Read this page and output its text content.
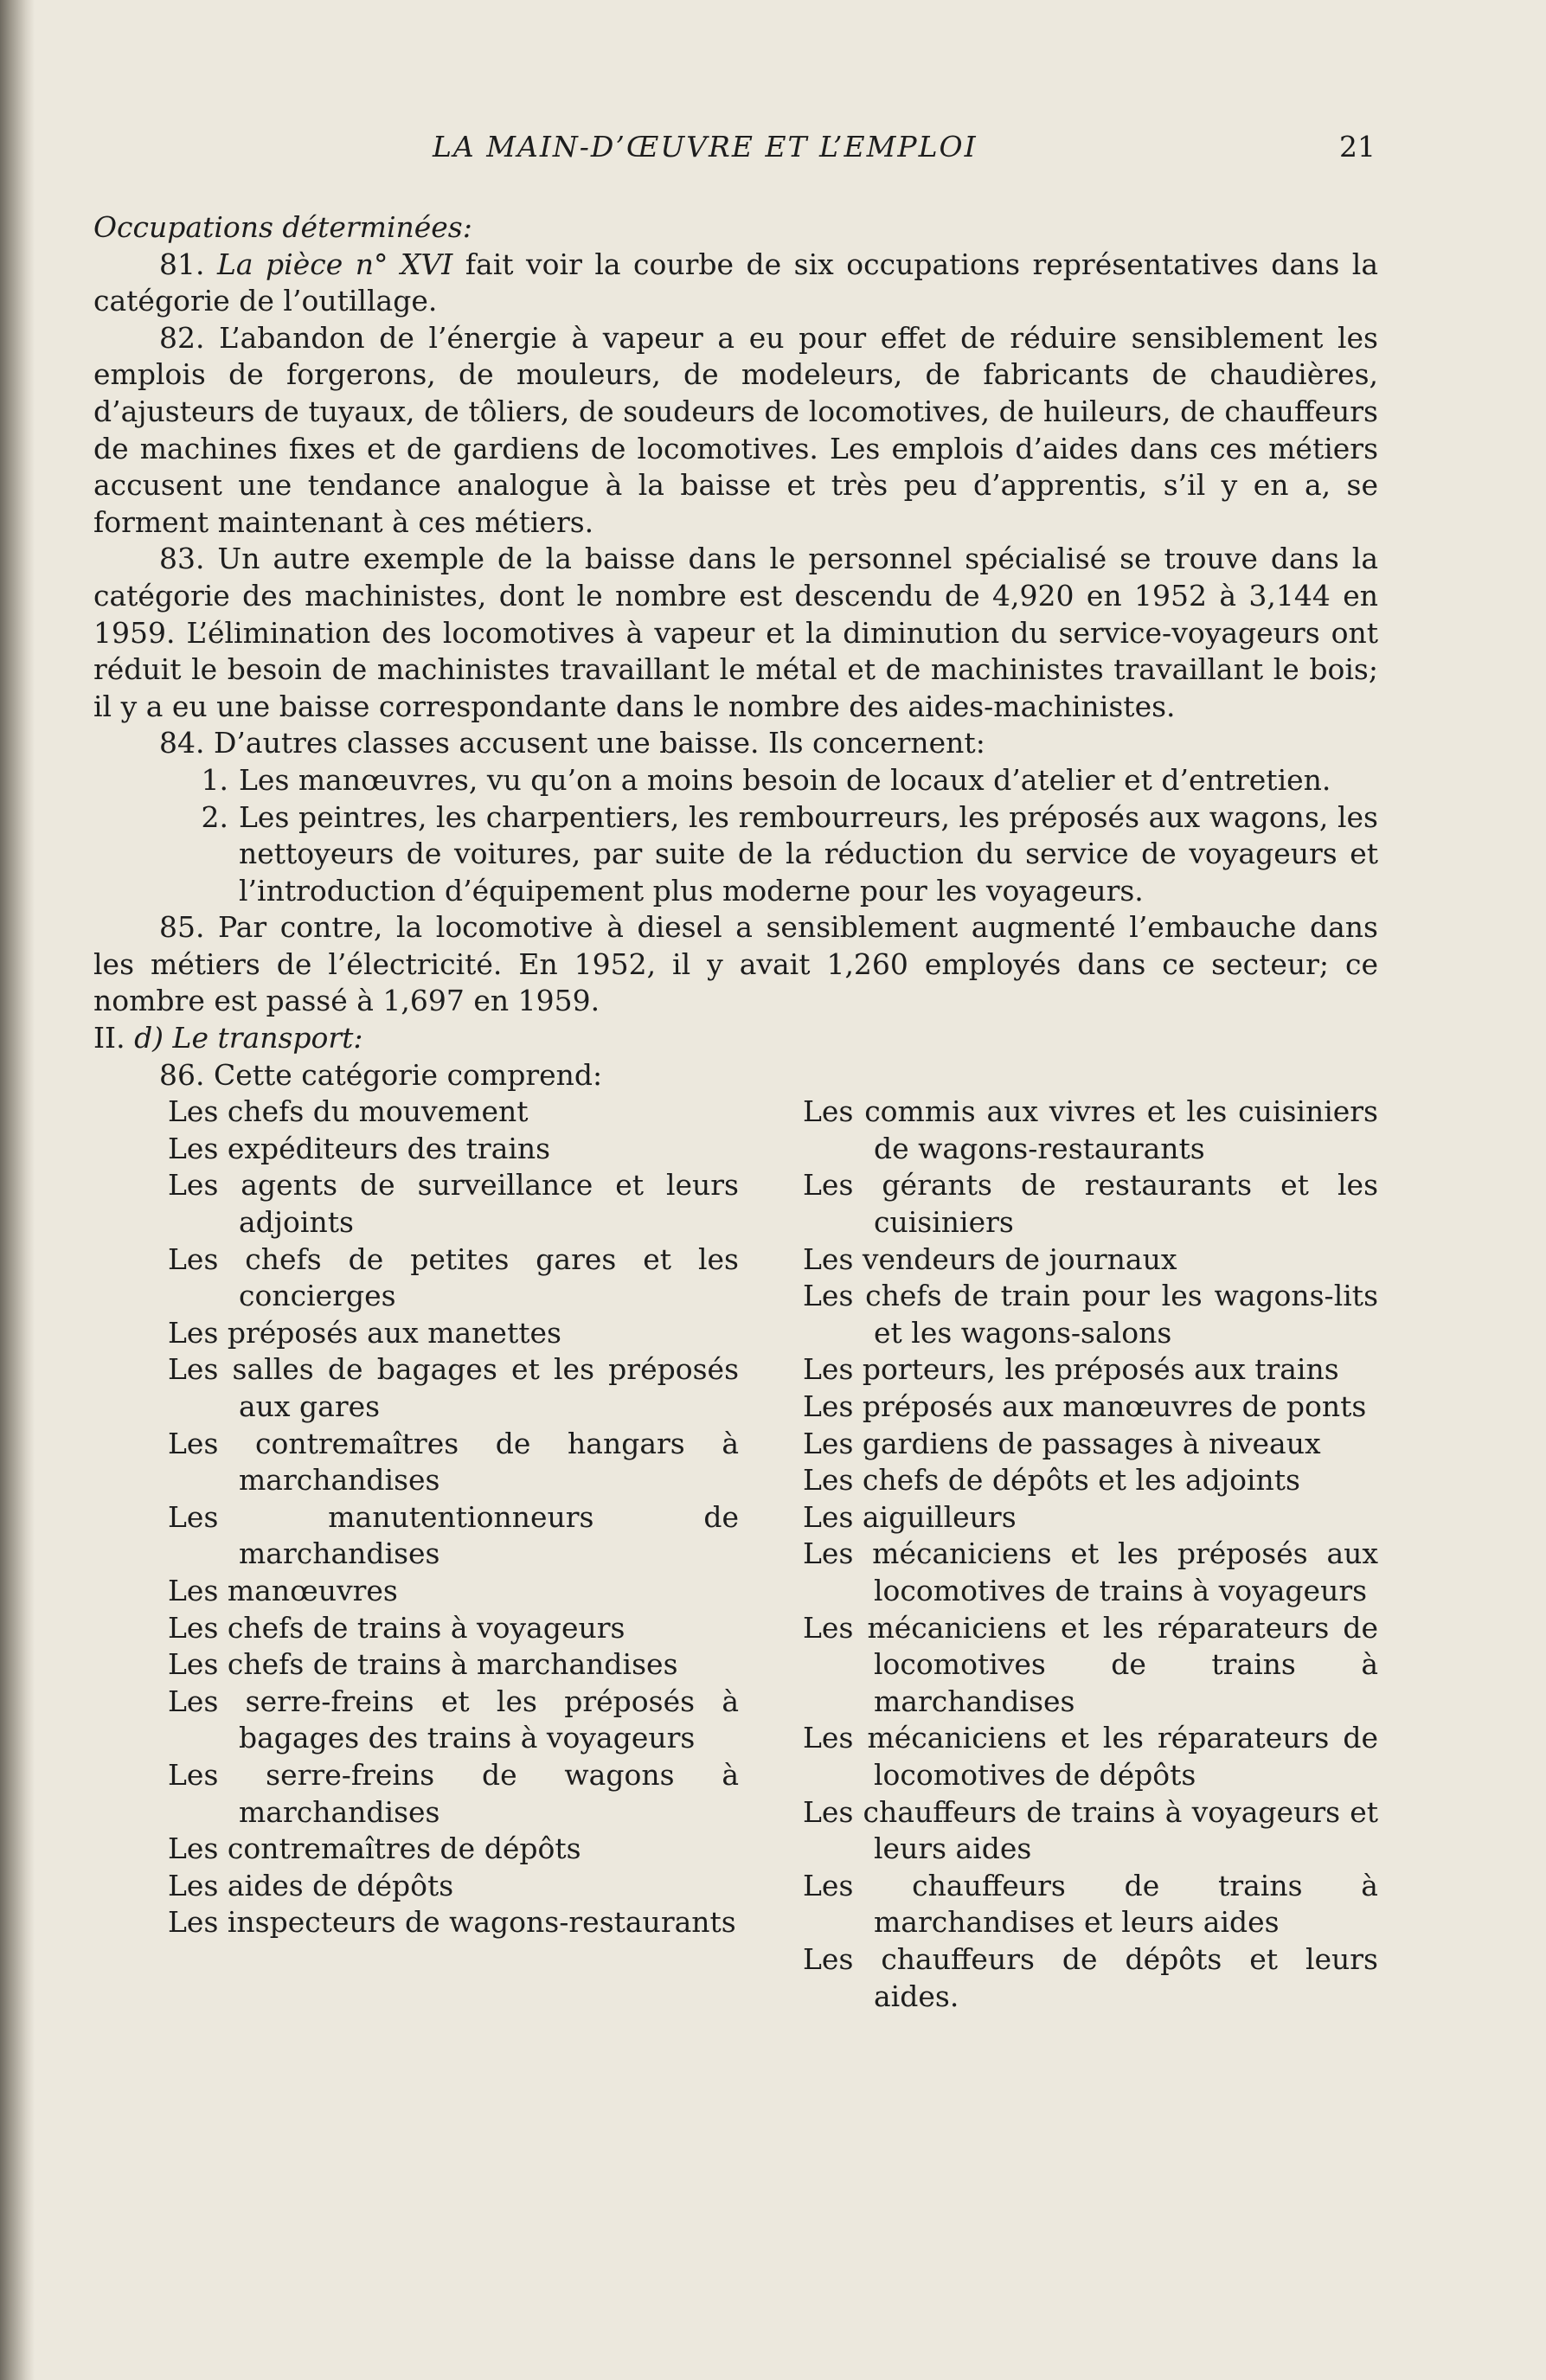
LA MAIN-D’ŒUVRE ET L’EMPLOI	21

Occupations déterminées:

81. La pièce n° XVI fait voir la courbe de six occupations représentatives dans la catégorie de l’outillage.

82. L’abandon de l’énergie à vapeur a eu pour effet de réduire sensiblement les emplois de forgerons, de mouleurs, de modeleurs, de fabricants de chaudières, d’ajusteurs de tuyaux, de tôliers, de soudeurs de locomotives, de huileurs, de chauffeurs de machines fixes et de gardiens de locomotives. Les emplois d’aides dans ces métiers accusent une tendance analogue à la baisse et très peu d’apprentis, s’il y en a, se forment maintenant à ces métiers.

83. Un autre exemple de la baisse dans le personnel spécialisé se trouve dans la catégorie des machinistes, dont le nombre est descendu de 4,920 en 1952 à 3,144 en 1959. L’élimination des locomotives à vapeur et la diminution du service-voyageurs ont réduit le besoin de machinistes travaillant le métal et de machinistes travaillant le bois; il y a eu une baisse correspondante dans le nombre des aides-machinistes.

84. D’autres classes accusent une baisse. Ils concernent:

1. Les manœuvres, vu qu’on a moins besoin de locaux d’atelier et d’entretien.
2. Les peintres, les charpentiers, les rembourreurs, les préposés aux wagons, les nettoyeurs de voitures, par suite de la réduction du service de voyageurs et l’introduction d’équipement plus moderne pour les voyageurs.

85. Par contre, la locomotive à diesel a sensiblement augmenté l’embauche dans les métiers de l’électricité. En 1952, il y avait 1,260 employés dans ce secteur; ce nombre est passé à 1,697 en 1959.

II. d) Le transport:

86. Cette catégorie comprend:

Les chefs du mouvement
Les expéditeurs des trains
Les agents de surveillance et leurs adjoints
Les chefs de petites gares et les concierges
Les préposés aux manettes
Les salles de bagages et les préposés aux gares
Les contremaîtres de hangars à marchandises
Les manutentionneurs de marchandises
Les manœuvres
Les chefs de trains à voyageurs
Les chefs de trains à marchandises
Les serre-freins et les préposés à bagages des trains à voyageurs
Les serre-freins de wagons à marchandises
Les contremaîtres de dépôts
Les aides de dépôts
Les inspecteurs de wagons-restaurants
Les commis aux vivres et les cuisiniers de wagons-restaurants
Les gérants de restaurants et les cuisiniers
Les vendeurs de journaux
Les chefs de train pour les wagons-lits et les wagons-salons
Les porteurs, les préposés aux trains
Les préposés aux manœuvres de ponts
Les gardiens de passages à niveaux
Les chefs de dépôts et les adjoints
Les aiguilleurs
Les mécaniciens et les préposés aux locomotives de trains à voyageurs
Les mécaniciens et les réparateurs de locomotives de trains à marchandises
Les mécaniciens et les réparateurs de locomotives de dépôts
Les chauffeurs de trains à voyageurs et leurs aides
Les chauffeurs de trains à marchandises et leurs aides
Les chauffeurs de dépôts et leurs aides.
